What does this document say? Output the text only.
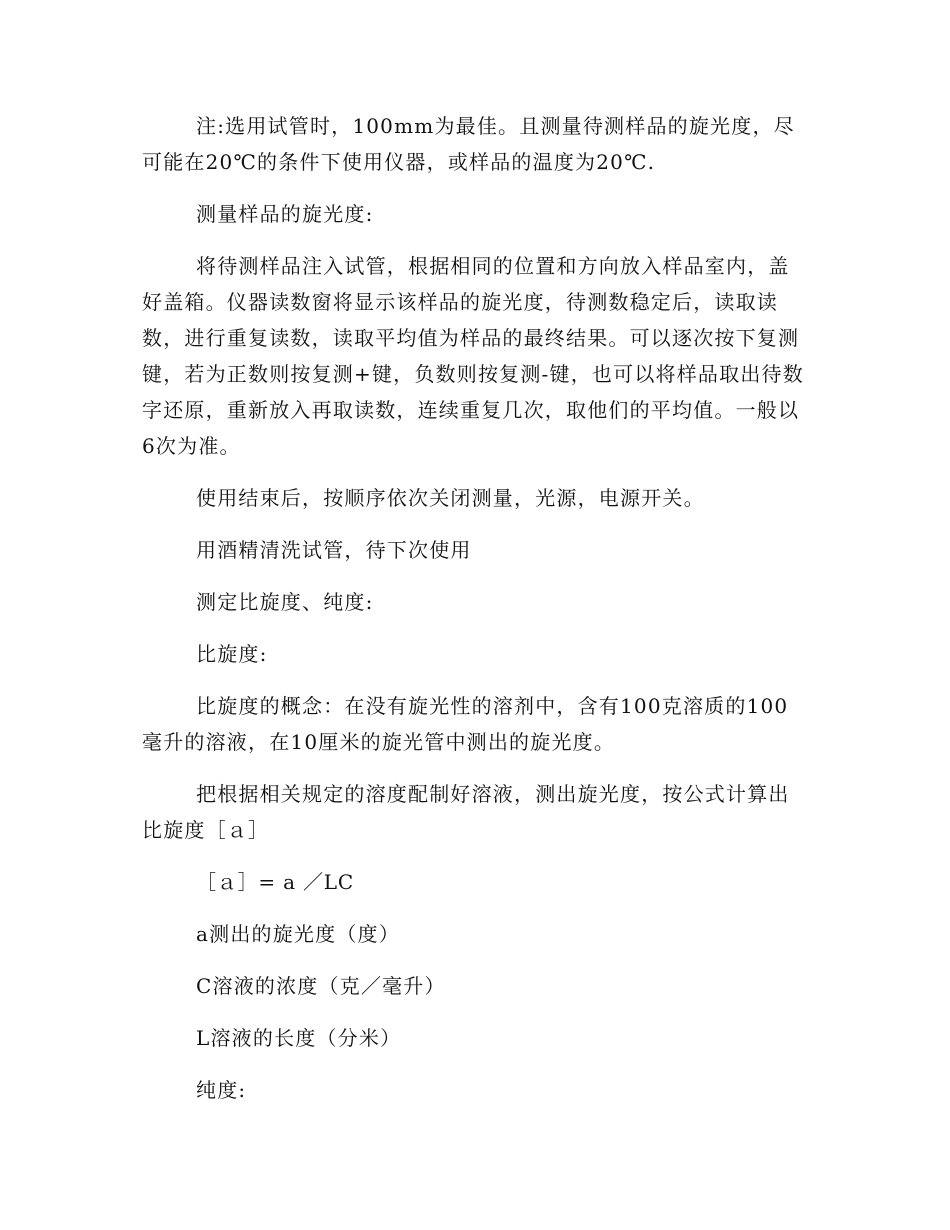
注:选用试管时，100mm为最佳。且测量待测样品的旋光度，尽可能在20℃的条件下使用仪器，或样品的温度为20℃.

测量样品的旋光度:

将待测样品注入试管，根据相同的位置和方向放入样品室内，盖好盖箱。仪器读数窗将显示该样品的旋光度，待测数稳定后，读取读数，进行重复读数，读取平均值为样品的最终结果。可以逐次按下复测键，若为正数则按复测+键，负数则按复测-键，也可以将样品取出待数字还原，重新放入再取读数，连续重复几次，取他们的平均值。一般以6次为准。

使用结束后，按顺序依次关闭测量，光源，电源开关。

用酒精清洗试管，待下次使用

测定比旋度、纯度:

比旋度:

比旋度的概念：在没有旋光性的溶剂中，含有100克溶质的100毫升的溶液，在10厘米的旋光管中测出的旋光度。

把根据相关规定的溶度配制好溶液，测出旋光度，按公式计算出比旋度［ａ］

［ａ］= a ／LC

a测出的旋光度（度）

C溶液的浓度（克／毫升）

L溶液的长度（分米）

纯度:
